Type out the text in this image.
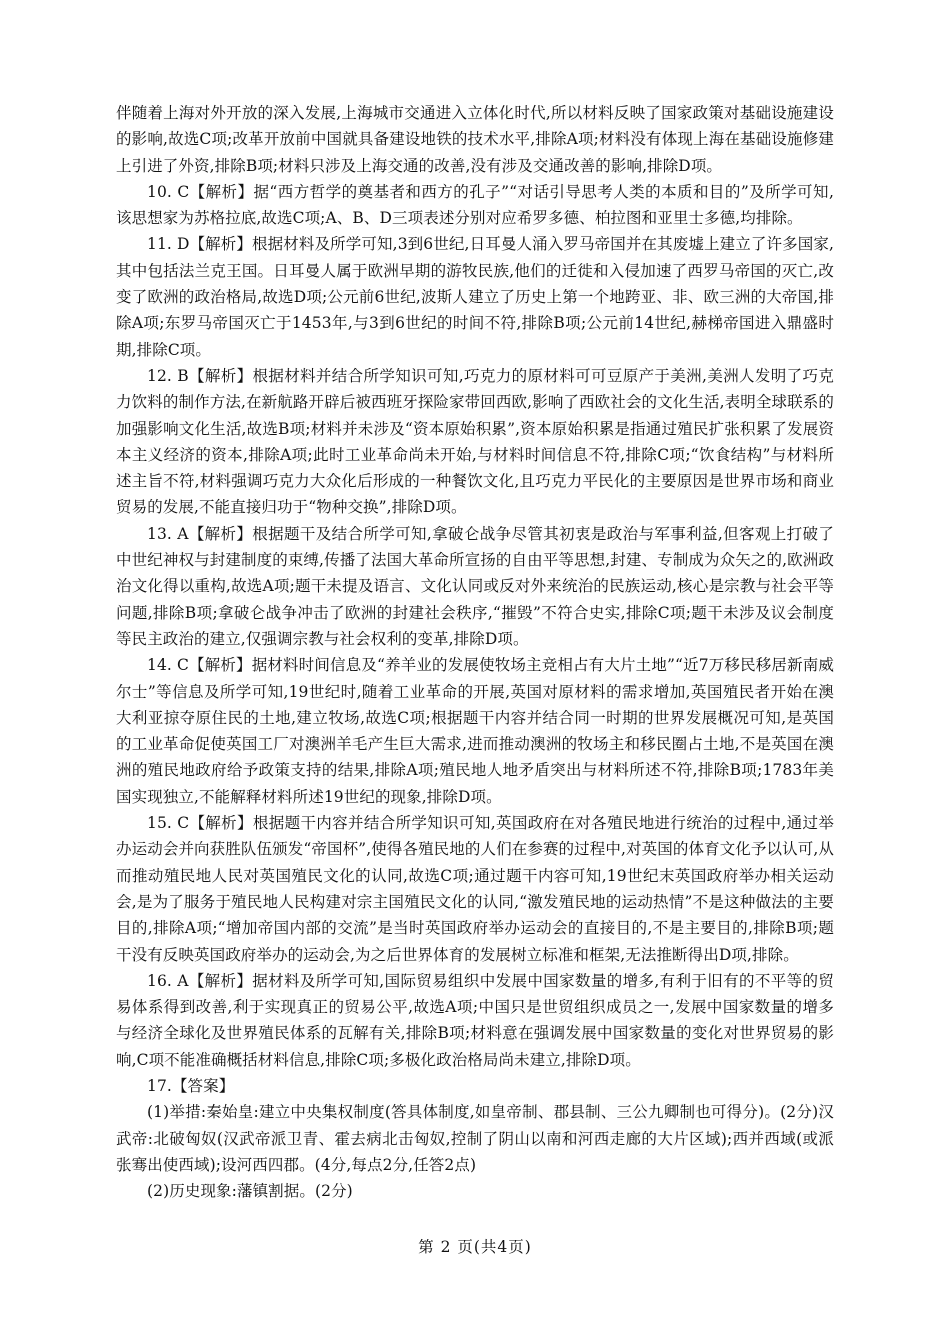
伴随着上海对外开放的深入发展,上海城市交通进入立体化时代,所以材料反映了国家政策对基础设施建设的影响,故选C项;改革开放前中国就具备建设地铁的技术水平,排除A项;材料没有体现上海在基础设施修建上引进了外资,排除B项;材料只涉及上海交通的改善,没有涉及交通改善的影响,排除D项。

10. C【解析】据“西方哲学的奠基者和西方的孔子”“对话引导思考人类的本质和目的”及所学可知,该思想家为苏格拉底,故选C项;A、B、D三项表述分别对应希罗多德、柏拉图和亚里士多德,均排除。

11. D【解析】根据材料及所学可知,3到6世纪,日耳曼人涌入罗马帝国并在其废墟上建立了许多国家,其中包括法兰克王国。日耳曼人属于欧洲早期的游牧民族,他们的迁徙和入侵加速了西罗马帝国的灭亡,改变了欧洲的政治格局,故选D项;公元前6世纪,波斯人建立了历史上第一个地跨亚、非、欧三洲的大帝国,排除A项;东罗马帝国灭亡于1453年,与3到6世纪的时间不符,排除B项;公元前14世纪,赫梯帝国进入鼎盛时期,排除C项。

12. B【解析】根据材料并结合所学知识可知,巧克力的原材料可可豆原产于美洲,美洲人发明了巧克力饮料的制作方法,在新航路开辟后被西班牙探险家带回西欧,影响了西欧社会的文化生活,表明全球联系的加强影响文化生活,故选B项;材料并未涉及“资本原始积累”,资本原始积累是指通过殖民扩张积累了发展资本主义经济的资本,排除A项;此时工业革命尚未开始,与材料时间信息不符,排除C项;“饮食结构”与材料所述主旨不符,材料强调巧克力大众化后形成的一种餐饮文化,且巧克力平民化的主要原因是世界市场和商业贸易的发展,不能直接归功于“物种交换”,排除D项。

13. A【解析】根据题干及结合所学可知,拿破仑战争尽管其初衷是政治与军事利益,但客观上打破了中世纪神权与封建制度的束缚,传播了法国大革命所宣扬的自由平等思想,封建、专制成为众矢之的,欧洲政治文化得以重构,故选A项;题干未提及语言、文化认同或反对外来统治的民族运动,核心是宗教与社会平等问题,排除B项;拿破仑战争冲击了欧洲的封建社会秩序,“摧毁”不符合史实,排除C项;题干未涉及议会制度等民主政治的建立,仅强调宗教与社会权利的变革,排除D项。

14. C【解析】据材料时间信息及“养羊业的发展使牧场主竞相占有大片土地”“近7万移民移居新南威尔士”等信息及所学可知,19世纪时,随着工业革命的开展,英国对原材料的需求增加,英国殖民者开始在澳大利亚掠夺原住民的土地,建立牧场,故选C项;根据题干内容并结合同一时期的世界发展概况可知,是英国的工业革命促使英国工厂对澳洲羊毛产生巨大需求,进而推动澳洲的牧场主和移民圈占土地,不是英国在澳洲的殖民地政府给予政策支持的结果,排除A项;殖民地人地矛盾突出与材料所述不符,排除B项;1783年美国实现独立,不能解释材料所述19世纪的现象,排除D项。

15. C【解析】根据题干内容并结合所学知识可知,英国政府在对各殖民地进行统治的过程中,通过举办运动会并向获胜队伍颁发“帝国杯”,使得各殖民地的人们在参赛的过程中,对英国的体育文化予以认可,从而推动殖民地人民对英国殖民文化的认同,故选C项;通过题干内容可知,19世纪末英国政府举办相关运动会,是为了服务于殖民地人民构建对宗主国殖民文化的认同,“激发殖民地的运动热情”不是这种做法的主要目的,排除A项;“增加帝国内部的交流”是当时英国政府举办运动会的直接目的,不是主要目的,排除B项;题干没有反映英国政府举办的运动会,为之后世界体育的发展树立标准和框架,无法推断得出D项,排除。

16. A【解析】据材料及所学可知,国际贸易组织中发展中国家数量的增多,有利于旧有的不平等的贸易体系得到改善,利于实现真正的贸易公平,故选A项;中国只是世贸组织成员之一,发展中国家数量的增多与经济全球化及世界殖民体系的瓦解有关,排除B项;材料意在强调发展中国家数量的变化对世界贸易的影响,C项不能准确概括材料信息,排除C项;多极化政治格局尚未建立,排除D项。

17.【答案】

(1)举措:秦始皇:建立中央集权制度(答具体制度,如皇帝制、郡县制、三公九卿制也可得分)。(2分)汉武帝:北破匈奴(汉武帝派卫青、霍去病北击匈奴,控制了阴山以南和河西走廊的大片区域);西并西域(或派张骞出使西域);设河西四郡。(4分,每点2分,任答2点)

(2)历史现象:藩镇割据。(2分)

第 2 页(共4页)
